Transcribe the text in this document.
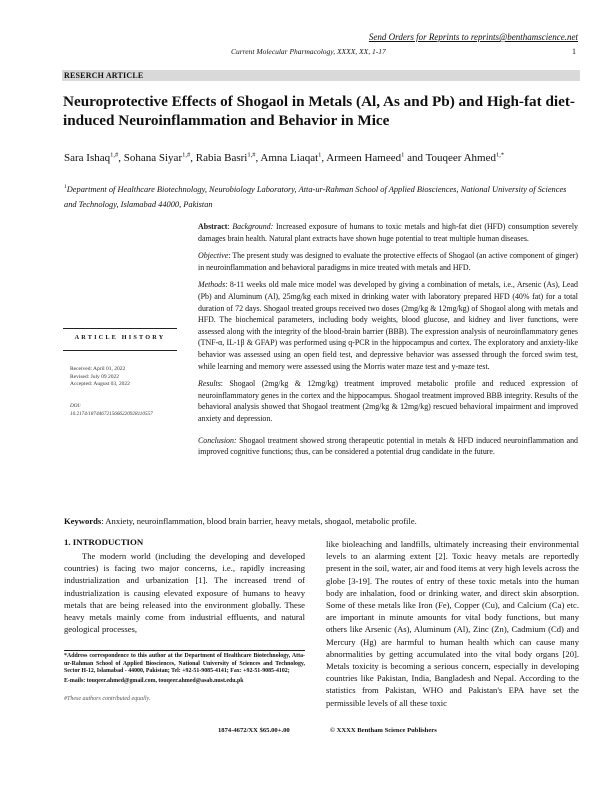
Send Orders for Reprints to reprints@benthamscience.net
Current Molecular Pharmacology, XXXX, XX, 1-17	1
RESERCH ARTICLE
Neuroprotective Effects of Shogaol in Metals (Al, As and Pb) and High-fat diet-induced Neuroinflammation and Behavior in Mice
Sara Ishaq$^{1,\#}$, Sohana Siyar$^{1,\#}$, Rabia Basri$^{1,\#}$, Amna Liaqat$^1$, Armeen Hameed$^1$ and Touqeer Ahmed$^{1,*}$
$^1$Department of Healthcare Biotechnology, Neurobiology Laboratory, Atta-ur-Rahman School of Applied Biosciences, National University of Sciences and Technology, Islamabad 44000, Pakistan

Abstract: Background: Increased exposure of humans to toxic metals and high-fat diet (HFD) consumption severely damages brain health. Natural plant extracts have shown huge potential to treat multiple human diseases.

Objective: The present study was designed to evaluate the protective effects of Shogaol (an active component of ginger) in neuroinflammation and behavioral paradigms in mice treated with metals and HFD.

Methods: 8-11 weeks old male mice model was developed by giving a combination of metals, i.e., Arsenic (As), Lead (Pb) and Aluminum (Al), 25mg/kg each mixed in drinking water with laboratory prepared HFD (40% fat) for a total duration of 72 days. Shogaol treated groups received two doses (2mg/kg & 12mg/kg) of Shogaol along with metals and HFD. The biochemical parameters, including body weights, blood glucose, and kidney and liver functions, were assessed along with the integrity of the blood-brain barrier (BBB). The expression analysis of neuroinflammatory genes (TNF-α, IL-1β & GFAP) was performed using q-PCR in the hippocampus and cortex. The exploratory and anxiety-like behavior was assessed using an open field test, and depressive behavior was assessed through the forced swim test, while learning and memory were assessed using the Morris water maze test and y-maze test.

Results: Shogaol (2mg/kg & 12mg/kg) treatment improved metabolic profile and reduced expression of neuroinflammatory genes in the cortex and the hippocampus. Shogaol treatment improved BBB integrity. Results of the behavioral analysis showed that Shogaol treatment (2mg/kg & 12mg/kg) rescued behavioral impairment and improved anxiety and depression.

Conclusion: Shogaol treatment showed strong therapeutic potential in metals & HFD induced neuroinflammation and improved cognitive functions; thus, can be considered a potential drug candidate in the future.

ARTICLE HISTORY
Received: April 01, 2022
Revised: July 09 2022
Accepted: August 03, 2022
DOI:
10.2174/1874467215666220928110557
Keywords: Anxiety, neuroinflammation, blood brain barrier, heavy metals, shogaol, metabolic profile.
1. INTRODUCTION
The modern world (including the developing and developed countries) is facing two major concerns, i.e., rapidly increasing industrialization and urbanization [1]. The increased trend of industrialization is causing elevated exposure of humans to heavy metals that are being released into the environment globally. These heavy metals mainly come from industrial effluents, and natural geological processes,
like bioleaching and landfills, ultimately increasing their environmental levels to an alarming extent [2]. Toxic heavy metals are reportedly present in the soil, water, air and food items at very high levels across the globe [3-19]. The routes of entry of these toxic metals into the human body are inhalation, food or drinking water, and direct skin absorption. Some of these metals like Iron (Fe), Copper (Cu), and Calcium (Ca) etc. are important in minute amounts for vital body functions, but many others like Arsenic (As), Aluminum (Al), Zinc (Zn), Cadmium (Cd) and Mercury (Hg) are harmful to human health which can cause many abnormalities by getting accumulated into the vital body organs [20]. Metals toxicity is becoming a serious concern, especially in developing countries like Pakistan, India, Bangladesh and Nepal. According to the statistics from Pakistan, WHO and Pakistan's EPA have set the permissible levels of all these toxic
*Address correspondence to this author at the Department of Healthcare Biotechnology, Atta-ur-Rahman School of Applied Biosciences, National University of Sciences and Technology, Sector H-12, Islamabad - 44000, Pakistan; Tel: +92-51-9085-4141; Fax: +92-51-9085-4102;
E-mails: touqeer.ahmed@gmail.com, touqeer.ahmed@asab.nust.edu.pk
#These authors contributed equally.
1874-4672/XX $65.00+.00	© XXXX Bentham Science Publishers
